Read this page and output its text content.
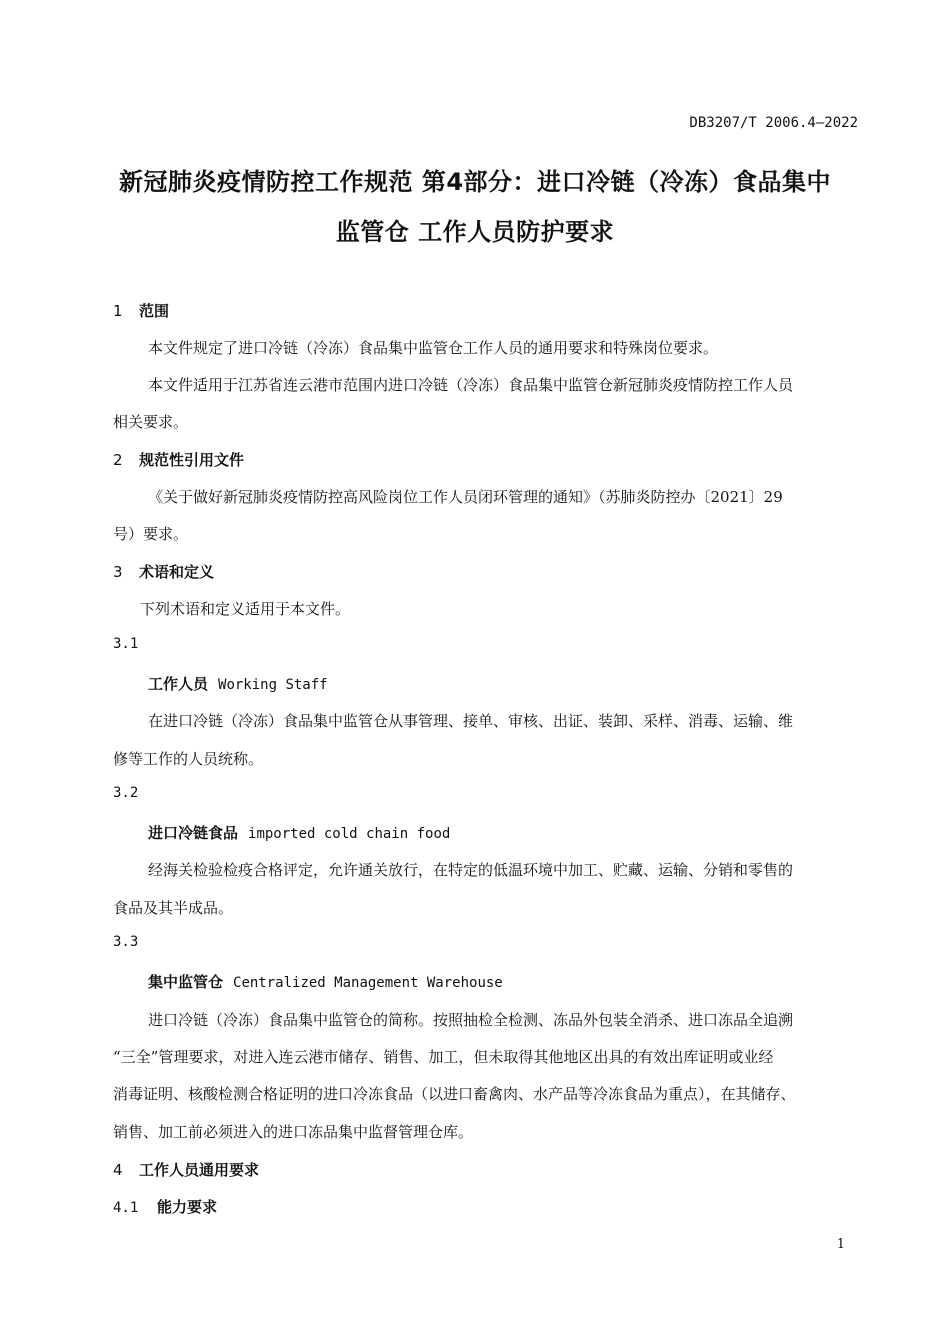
DB3207/T 2006.4—2022
新冠肺炎疫情防控工作规范 第4部分：进口冷链（冷冻）食品集中
监管仓 工作人员防护要求
1 范围
本文件规定了进口冷链（冷冻）食品集中监管仓工作人员的通用要求和特殊岗位要求。
本文件适用于江苏省连云港市范围内进口冷链（冷冻）食品集中监管仓新冠肺炎疫情防控工作人员
相关要求。
2 规范性引用文件
《关于做好新冠肺炎疫情防控高风险岗位工作人员闭环管理的通知》（苏肺炎防控办〔2021〕29
号）要求。
3 术语和定义
下列术语和定义适用于本文件。
3.1
工作人员 Working Staff
在进口冷链（冷冻）食品集中监管仓从事管理、接单、审核、出证、装卸、采样、消毒、运输、维
修等工作的人员统称。
3.2
进口冷链食品 imported cold chain food
经海关检验检疫合格评定，允许通关放行，在特定的低温环境中加工、贮藏、运输、分销和零售的
食品及其半成品。
3.3
集中监管仓 Centralized Management Warehouse
进口冷链（冷冻）食品集中监管仓的简称。按照抽检全检测、冻品外包装全消杀、进口冻品全追溯
“三全”管理要求，对进入连云港市储存、销售、加工，但未取得其他地区出具的有效出库证明或业经
消毒证明、核酸检测合格证明的进口冷冻食品（以进口畜禽肉、水产品等冷冻食品为重点），在其储存、
销售、加工前必须进入的进口冻品集中监督管理仓库。
4 工作人员通用要求
4.1 能力要求
1
